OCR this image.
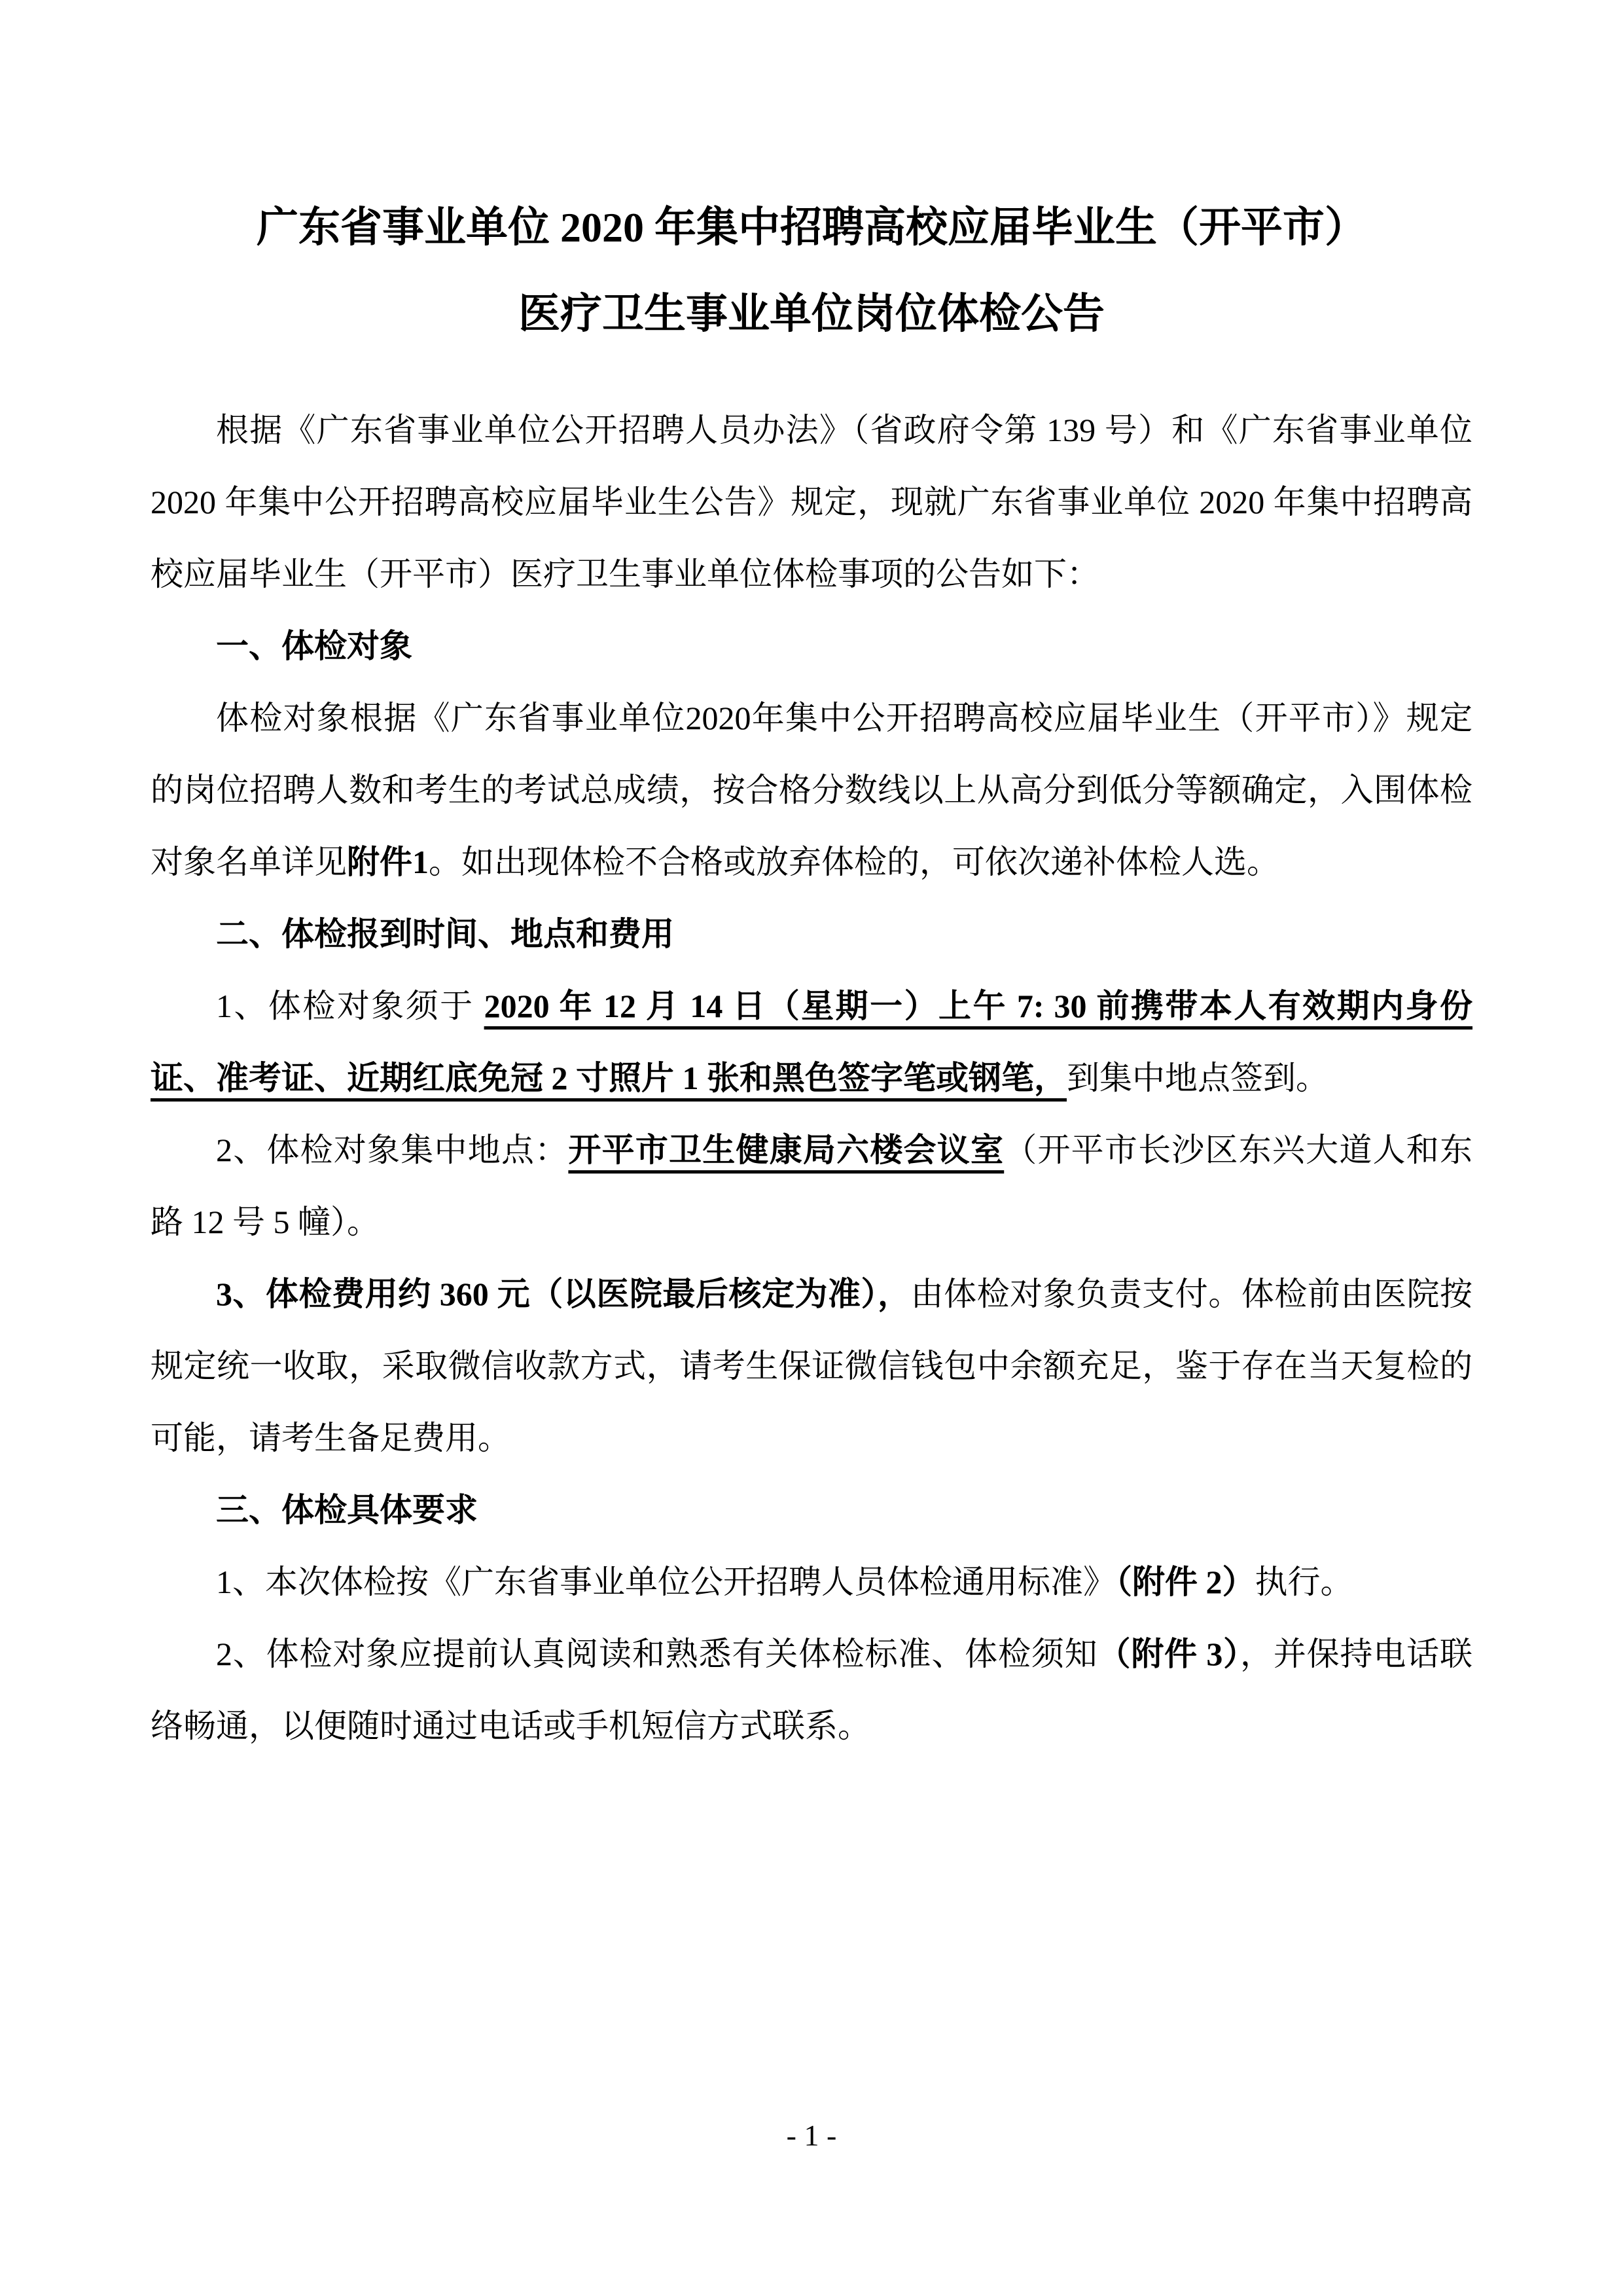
广东省事业单位 2020 年集中招聘高校应届毕业生（开平市）
医疗卫生事业单位岗位体检公告

根据《广东省事业单位公开招聘人员办法》（省政府令第 139 号）和《广东省事业单位 2020 年集中公开招聘高校应届毕业生公告》规定，现就广东省事业单位 2020 年集中招聘高校应届毕业生（开平市）医疗卫生事业单位体检事项的公告如下：

一、体检对象

体检对象根据《广东省事业单位2020年集中公开招聘高校应届毕业生（开平市）》规定的岗位招聘人数和考生的考试总成绩，按合格分数线以上从高分到低分等额确定，入围体检对象名单详见附件1。如出现体检不合格或放弃体检的，可依次递补体检人选。

二、体检报到时间、地点和费用

1、体检对象须于 2020 年 12 月 14 日（星期一）上午 7: 30 前携带本人有效期内身份证、准考证、近期红底免冠 2 寸照片 1 张和黑色签字笔或钢笔，到集中地点签到。

2、体检对象集中地点：开平市卫生健康局六楼会议室（开平市长沙区东兴大道人和东路 12 号 5 幢）。

3、体检费用约 360 元（以医院最后核定为准），由体检对象负责支付。体检前由医院按规定统一收取，采取微信收款方式，请考生保证微信钱包中余额充足，鉴于存在当天复检的可能，请考生备足费用。

三、体检具体要求

1、本次体检按《广东省事业单位公开招聘人员体检通用标准》（附件 2）执行。

2、体检对象应提前认真阅读和熟悉有关体检标准、体检须知（附件 3），并保持电话联络畅通，以便随时通过电话或手机短信方式联系。

- 1 -
